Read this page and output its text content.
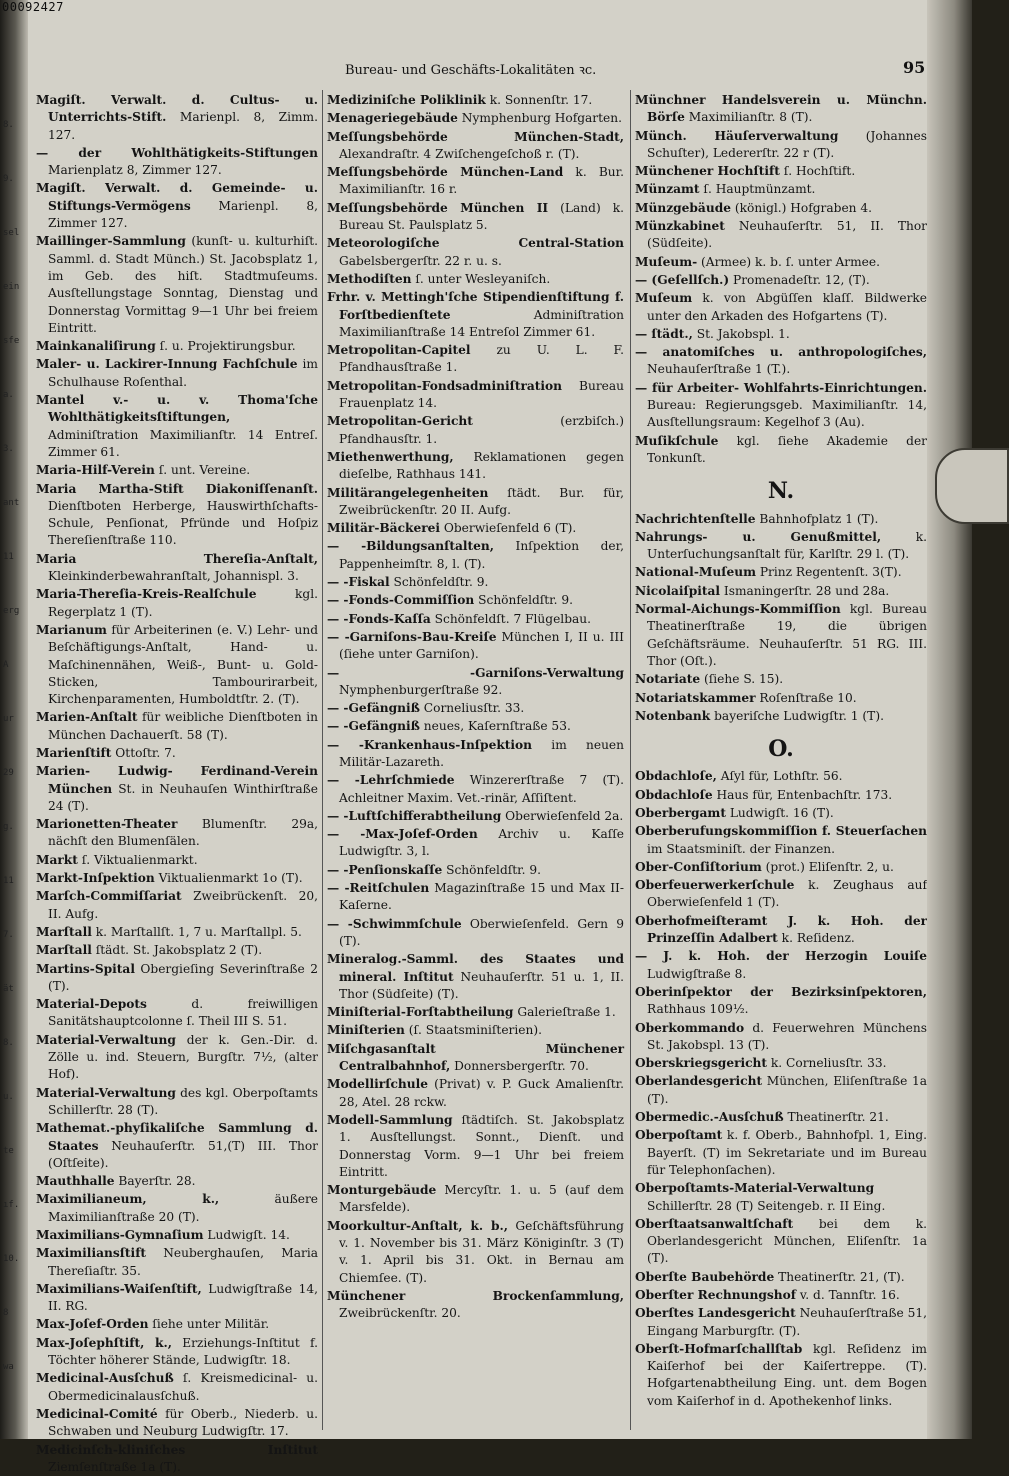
8.
9.
sel
ein
sfe
a.
3.
ant
11
erg
A
ur
29
g.
11
7.
ät
8.
u.
te
ıf.
10.
8
wa
00092427
Bureau- und Geschäfts-Lokalitäten ꝛc.	95
Magiſt. Verwalt. d. Cultus- u. Unterrichts-Stift. Marienpl. 8, Zimm. 127.
— der Wohlthätigkeits-Stiftungen Marienplatz 8, Zimmer 127.
Magiſt. Verwalt. d. Gemeinde- u. Stiftungs-Vermögens Marienpl. 8, Zimmer 127.
Maillinger-Sammlung (kunſt- u. kulturhiſt. Samml. d. Stadt Münch.) St. Jacobsplatz 1, im Geb. des hiſt. Stadtmuſeums. Ausſtellungstage Sonntag, Dienstag und Donnerstag Vormittag 9—1 Uhr bei freiem Eintritt.
Mainkanaliſirung ſ. u. Projektirungsbur.
Maler- u. Lackirer-Innung Fachſchule im Schulhause Roſenthal.
Mantel v.- u. v. Thoma'ſche Wohlthätigkeitsſtiftungen, Adminiſtration Maximilianſtr. 14 Entreſ. Zimmer 61.
Maria-Hilf-Verein ſ. unt. Vereine.
Maria Martha-Stift Diakoniſſenanſt. Dienſtboten Herberge, Hauswirthſchafts-Schule, Penſionat, Pfründe und Hoſpiz Thereſienſtraße 110.
Maria Thereſia-Anſtalt, Kleinkinderbewahranſtalt, Johannispl. 3.
Maria-Thereſia-Kreis-Realſchule kgl. Regerplatz 1 (T).
Marianum für Arbeiterinen (e. V.) Lehr- und Beſchäftigungs-Anſtalt, Hand- u. Maſchinennähen, Weiß-, Bunt- u. Gold-Sticken, Tambourirarbeit, Kirchenparamenten, Humboldtſtr. 2. (T).
Marien-Anſtalt für weibliche Dienſtboten in München Dachauerſt. 58 (T).
Marienſtift Ottoſtr. 7.
Marien- Ludwig- Ferdinand-Verein München St. in Neuhauſen Winthirſtraße 24 (T).
Marionetten-Theater Blumenſtr. 29a, nächſt den Blumenſälen.
Markt ſ. Viktualienmarkt.
Markt-Inſpektion Viktualienmarkt 1o (T).
Marſch-Commiſſariat Zweibrückenſt. 20, II. Aufg.
Marſtall k. Marſtallſt. 1, 7 u. Marſtallpl. 5.
Marſtall ſtädt. St. Jakobsplatz 2 (T).
Martins-Spital Obergieſing Severinſtraße 2 (T).
Material-Depots d. freiwilligen Sanitätshauptcolonne ſ. Theil III S. 51.
Material-Verwaltung der k. Gen.-Dir. d. Zölle u. ind. Steuern, Burgſtr. 7½, (alter Hof).
Material-Verwaltung des kgl. Oberpoſtamts Schillerſtr. 28 (T).
Mathemat.-phyſikaliſche Sammlung d. Staates Neuhauſerſtr. 51,(T) III. Thor (Oſtſeite).
Mauthhalle Bayerſtr. 28.
Maximilianeum, k., äußere Maximilianſtraße 20 (T).
Maximilians-Gymnaſium Ludwigſt. 14.
Maximiliansſtift Neuberghauſen, Maria Thereſiaſtr. 35.
Maximilians-Waiſenſtift, Ludwigſtraße 14, II. RG.
Max-Joſef-Orden ſiehe unter Militär.
Max-Joſephſtift, k., Erziehungs-Inſtitut f. Töchter höherer Stände, Ludwigſtr. 18.
Medicinal-Ausſchuß ſ. Kreismedicinal- u. Obermedicinalausſchuß.
Medicinal-Comité für Oberb., Niederb. u. Schwaben und Neuburg Ludwigſtr. 17.
Medicinſch-kliniſches Inſtitut Ziemſenſtraße 1a (T).
Mediziniſche Poliklinik k. Sonnenſtr. 17.
Menageriegebäude Nymphenburg Hofgarten.
Meſſungsbehörde München-Stadt, Alexandraſtr. 4 Zwiſchengeſchoß r. (T).
Meſſungsbehörde München-Land k. Bur. Maximilianſtr. 16 r.
Meſſungsbehörde München II (Land) k. Bureau St. Paulsplatz 5.
Meteorologiſche Central-Station Gabelsbergerſtr. 22 r. u. s.
Methodiſten ſ. unter Wesleyaniſch.
Frhr. v. Mettingh'ſche Stipendienſtiftung f. Forſtbedienſtete Adminiſtration Maximilianſtraße 14 Entreſol Zimmer 61.
Metropolitan-Capitel zu U. L. F. Pfandhausſtraße 1.
Metropolitan-Fondsadminiſtration Bureau Frauenplatz 14.
Metropolitan-Gericht (erzbiſch.) Pfandhausſtr. 1.
Miethenwerthung, Reklamationen gegen dieſelbe, Rathhaus 141.
Militärangelegenheiten ſtädt. Bur. für, Zweibrückenſtr. 20 II. Aufg.
Militär-Bäckerei Oberwieſenfeld 6 (T).
— -Bildungsanſtalten, Inſpektion der, Pappenheimſtr. 8, l. (T).
— -Fiskal Schönfeldſtr. 9.
— -Fonds-Commiſſion Schönfeldſtr. 9.
— -Fonds-Kaſſa Schönfeldſt. 7 Flügelbau.
— -Garniſons-Bau-Kreiſe München I, II u. III (ſiehe unter Garniſon).
— -Garniſons-Verwaltung Nymphenburgerſtraße 92.
— -Gefängniß Corneliusſtr. 33.
— -Gefängniß neues, Kaſernſtraße 53.
— -Krankenhaus-Inſpektion im neuen Militär-Lazareth.
— -Lehrſchmiede Winzererſtraße 7 (T). Achleitner Maxim. Vet.-rinär, Aſſiſtent.
— -Luftſchifferabtheilung Oberwieſenfeld 2a.
— -Max-Joſef-Orden Archiv u. Kaſſe Ludwigſtr. 3, l.
— -Penſionskaſſe Schönfeldſtr. 9.
— -Reitſchulen Magazinſtraße 15 und Max II-Kaſerne.
— -Schwimmſchule Oberwieſenfeld. Gern 9 (T).
Mineralog.-Samml. des Staates und mineral. Inſtitut Neuhauſerſtr. 51 u. 1, II. Thor (Südſeite) (T).
Miniſterial-Forſtabtheilung Galerieſtraße 1.
Miniſterien (ſ. Staatsminiſterien).
Miſchgasanſtalt Münchener Centralbahnhof, Donnersbergerſtr. 70.
Modellirſchule (Privat) v. P. Guck Amalienſtr. 28, Atel. 28 rckw.
Modell-Sammlung ſtädtiſch. St. Jakobsplatz 1. Ausſtellungst. Sonnt., Dienſt. und Donnerstag Vorm. 9—1 Uhr bei freiem Eintritt.
Monturgebäude Mercyſtr. 1. u. 5 (auf dem Marsfelde).
Moorkultur-Anſtalt, k. b., Geſchäftsführung v. 1. November bis 31. März Königinſtr. 3 (T) v. 1. April bis 31. Okt. in Bernau am Chiemſee. (T).
Münchener Brockenſammlung, Zweibrückenſtr. 20.
Münchner Handelsverein u. Münchn. Börſe Maximilianſtr. 8 (T).
Münch. Häuſerverwaltung (Johannes Schuſter), Ledererſtr. 22 r (T).
Münchener Hochſtift ſ. Hochſtift.
Münzamt ſ. Hauptmünzamt.
Münzgebäude (königl.) Hofgraben 4.
Münzkabinet Neuhauſerſtr. 51, II. Thor (Südſeite).
Muſeum- (Armee) k. b. ſ. unter Armee.
— (Geſellſch.) Promenadeſtr. 12, (T).
Muſeum k. von Abgüſſen klaſſ. Bildwerke unter den Arkaden des Hofgartens (T).
— ſtädt., St. Jakobspl. 1.
— anatomiſches u. anthropologiſches, Neuhauſerſtraße 1 (T.).
— für Arbeiter- Wohlfahrts-Einrichtungen. Bureau: Regierungsgeb. Maximilianſtr. 14, Ausſtellungsraum: Kegelhof 3 (Au).
Muſikſchule kgl. ſiehe Akademie der Tonkunſt.
N.
Nachrichtenſtelle Bahnhofplatz 1 (T).
Nahrungs- u. Genußmittel, k. Unterſuchungsanſtalt für, Karlſtr. 29 l. (T).
National-Muſeum Prinz Regentenſt. 3(T).
Nicolaiſpital Ismaningerſtr. 28 und 28a.
Normal-Aichungs-Kommiſſion kgl. Bureau Theatinerſtraße 19, die übrigen Geſchäftsräume. Neuhauſerſtr. 51 RG. III. Thor (Oſt.).
Notariate (ſiehe S. 15).
Notariatskammer Roſenſtraße 10.
Notenbank bayeriſche Ludwigſtr. 1 (T).
O.
Obdachloſe, Aſyl für, Lothſtr. 56.
Obdachloſe Haus für, Entenbachſtr. 173.
Oberbergamt Ludwigſt. 16 (T).
Oberberufungskommiſſion f. Steuerſachen im Staatsminiſt. der Finanzen.
Ober-Conſiſtorium (prot.) Eliſenſtr. 2, u.
Oberfeuerwerkerſchule k. Zeughaus auf Oberwieſenfeld 1 (T).
Oberhofmeiſteramt J. k. Hoh. der Prinzeſſin Adalbert k. Reſidenz.
— J. k. Hoh. der Herzogin Louiſe Ludwigſtraße 8.
Oberinſpektor der Bezirksinſpektoren, Rathhaus 109½.
Oberkommando d. Feuerwehren Münchens St. Jakobspl. 13 (T).
Oberskriegsgericht k. Corneliusſtr. 33.
Oberlandesgericht München, Eliſenſtraße 1a (T).
Obermedic.-Ausſchuß Theatinerſtr. 21.
Oberpoſtamt k. f. Oberb., Bahnhofpl. 1, Eing. Bayerſt. (T) im Sekretariate und im Bureau für Telephonſachen).
Oberpoſtamts-Material-Verwaltung Schillerſtr. 28 (T) Seitengeb. r. II Eing.
Oberſtaatsanwaltſchaft bei dem k. Oberlandesgericht München, Eliſenſtr. 1a (T).
Oberſte Baubehörde Theatinerſtr. 21, (T).
Oberſter Rechnungshof v. d. Tannſtr. 16.
Oberſtes Landesgericht Neuhauſerſtraße 51, Eingang Marburgſtr. (T).
Oberſt-Hofmarſchallſtab kgl. Reſidenz im Kaiſerhof bei der Kaiſertreppe. (T). Hofgartenabtheilung Eing. unt. dem Bogen vom Kaiſerhof in d. Apothekenhof links.
